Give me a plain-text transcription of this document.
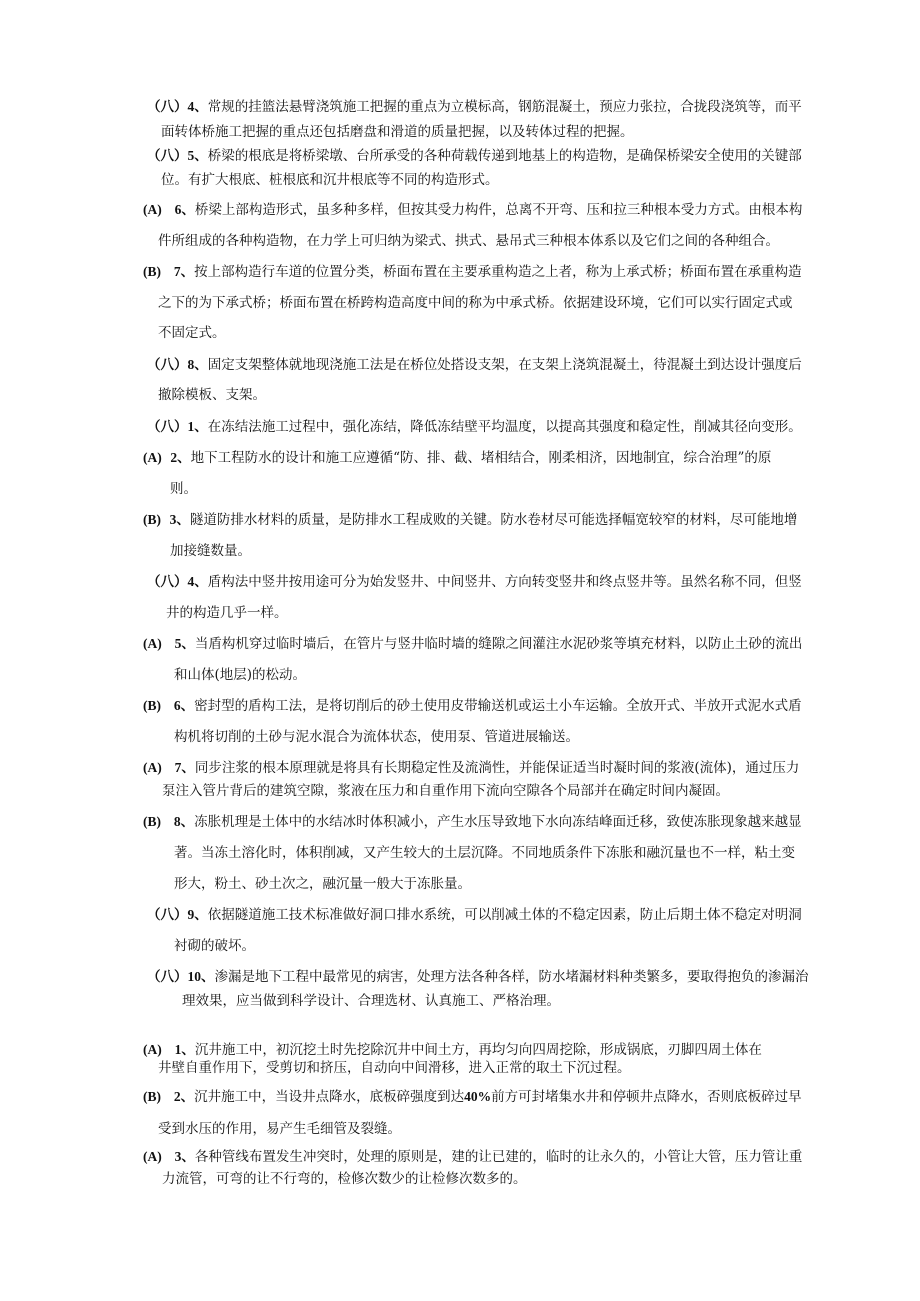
（八）4、常规的挂篮法悬臂浇筑施工把握的重点为立模标高，钢筋混凝土，预应力张拉，合拢段浇筑等，而平
面转体桥施工把握的重点还包括磨盘和滑道的质量把握，以及转体过程的把握。
（八）5、桥梁的根底是将桥梁墩、台所承受的各种荷载传递到地基上的构造物，是确保桥梁安全使用的关键部
位。有扩大根底、桩根底和沉井根底等不同的构造形式。
(A) 6、桥梁上部构造形式，虽多种多样，但按其受力构件，总离不开弯、压和拉三种根本受力方式。由根本构
件所组成的各种构造物，在力学上可归纳为梁式、拱式、悬吊式三种根本体系以及它们之间的各种组合。
(B) 7、按上部构造行车道的位置分类，桥面布置在主要承重构造之上者，称为上承式桥；桥面布置在承重构造
之下的为下承式桥；桥面布置在桥跨构造高度中间的称为中承式桥。依据建设环境，它们可以实行固定式或
不固定式。
（八）8、固定支架整体就地现浇施工法是在桥位处搭设支架，在支架上浇筑混凝土，待混凝土到达设计强度后
撤除模板、支架。
（八）1、在冻结法施工过程中，强化冻结，降低冻结壁平均温度，以提高其强度和稳定性，削减其径向变形。
(A) 2、地下工程防水的设计和施工应遵循“防、排、截、堵相结合，刚柔相济，因地制宜，综合治理”的原
则。
(B) 3、隧道防排水材料的质量，是防排水工程成败的关键。防水卷材尽可能选择幅宽较窄的材料，尽可能地增
加接缝数量。
（八）4、盾构法中竖井按用途可分为始发竖井、中间竖井、方向转变竖井和终点竖井等。虽然名称不同，但竖
井的构造几乎一样。
(A) 5、当盾构机穿过临时墙后，在管片与竖井临时墙的缝隙之间灌注水泥砂浆等填充材料，以防止土砂的流出
和山体(地层)的松动。
(B) 6、密封型的盾构工法，是将切削后的砂土使用皮带输送机或运土小车运输。全放开式、半放开式泥水式盾
构机将切削的土砂与泥水混合为流体状态，使用泵、管道进展输送。
(A) 7、同步注浆的根本原理就是将具有长期稳定性及流淌性，并能保证适当时凝时间的浆液(流体)，通过压力
泵注入管片背后的建筑空隙，浆液在压力和自重作用下流向空隙各个局部并在确定时间内凝固。
(B) 8、冻胀机理是土体中的水结冰时体积减小，产生水压导致地下水向冻结峰面迁移，致使冻胀现象越来越显
著。当冻土溶化时，体积削减，又产生较大的土层沉降。不同地质条件下冻胀和融沉量也不一样，粘土变
形大，粉土、砂土次之，融沉量一般大于冻胀量。
（八）9、依据隧道施工技术标准做好洞口排水系统，可以削减土体的不稳定因素，防止后期土体不稳定对明洞
衬砌的破坏。
（八）10、渗漏是地下工程中最常见的病害，处理方法各种各样，防水堵漏材料种类繁多，要取得抱负的渗漏治
理效果，应当做到科学设计、合理选材、认真施工、严格治理。
(A) 1、沉井施工中，初沉挖土时先挖除沉井中间土方，再均匀向四周挖除，形成锅底，刃脚四周土体在
井壁自重作用下，受剪切和挤压，自动向中间滑移，进入正常的取土下沉过程。
(B) 2、沉井施工中，当设井点降水，底板碎强度到达40%前方可封堵集水井和停顿井点降水，否则底板碎过早
受到水压的作用，易产生毛细管及裂缝。
(A) 3、各种管线布置发生冲突时，处理的原则是，建的让已建的，临时的让永久的，小管让大管，压力管让重
力流管，可弯的让不行弯的，检修次数少的让检修次数多的。
